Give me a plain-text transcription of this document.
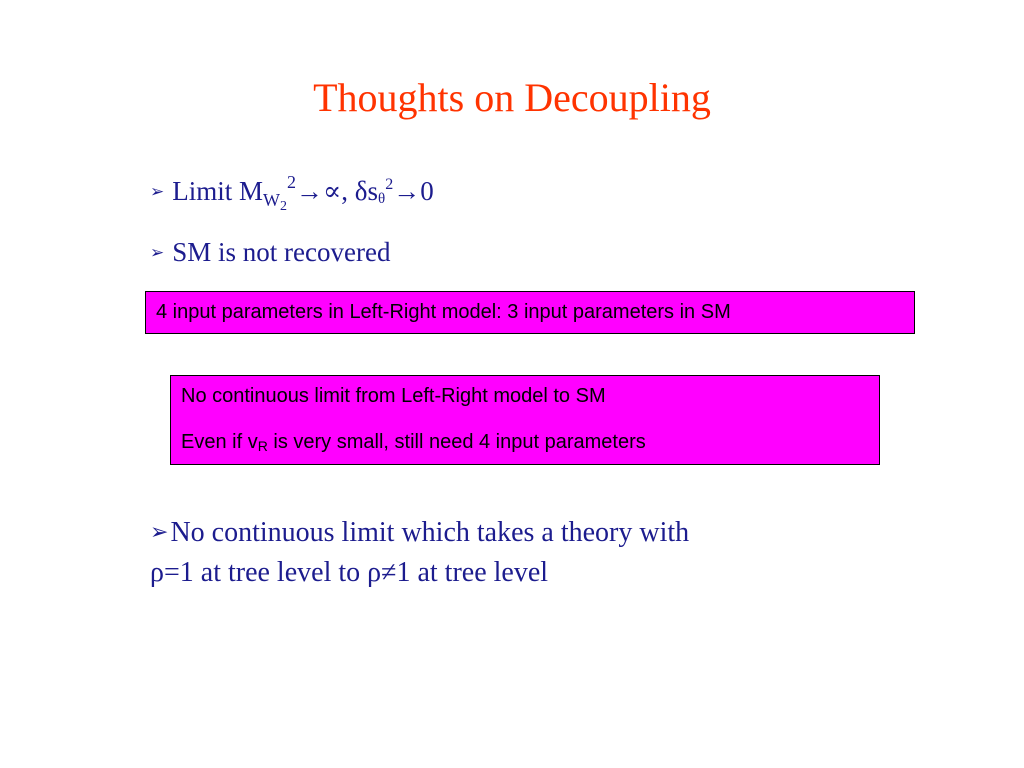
Thoughts on Decoupling
➢ Limit $M_{W_2}^2\to\propto$, δsθ$^2$→0
➢ SM is not recovered
4 input parameters in Left-Right model: 3 input parameters in SM
No continuous limit from Left-Right model to SM
Even if vR is very small, still need 4 input parameters
➢No continuous limit which takes a theory with
ρ=1 at tree level to ρ≠1 at tree level
